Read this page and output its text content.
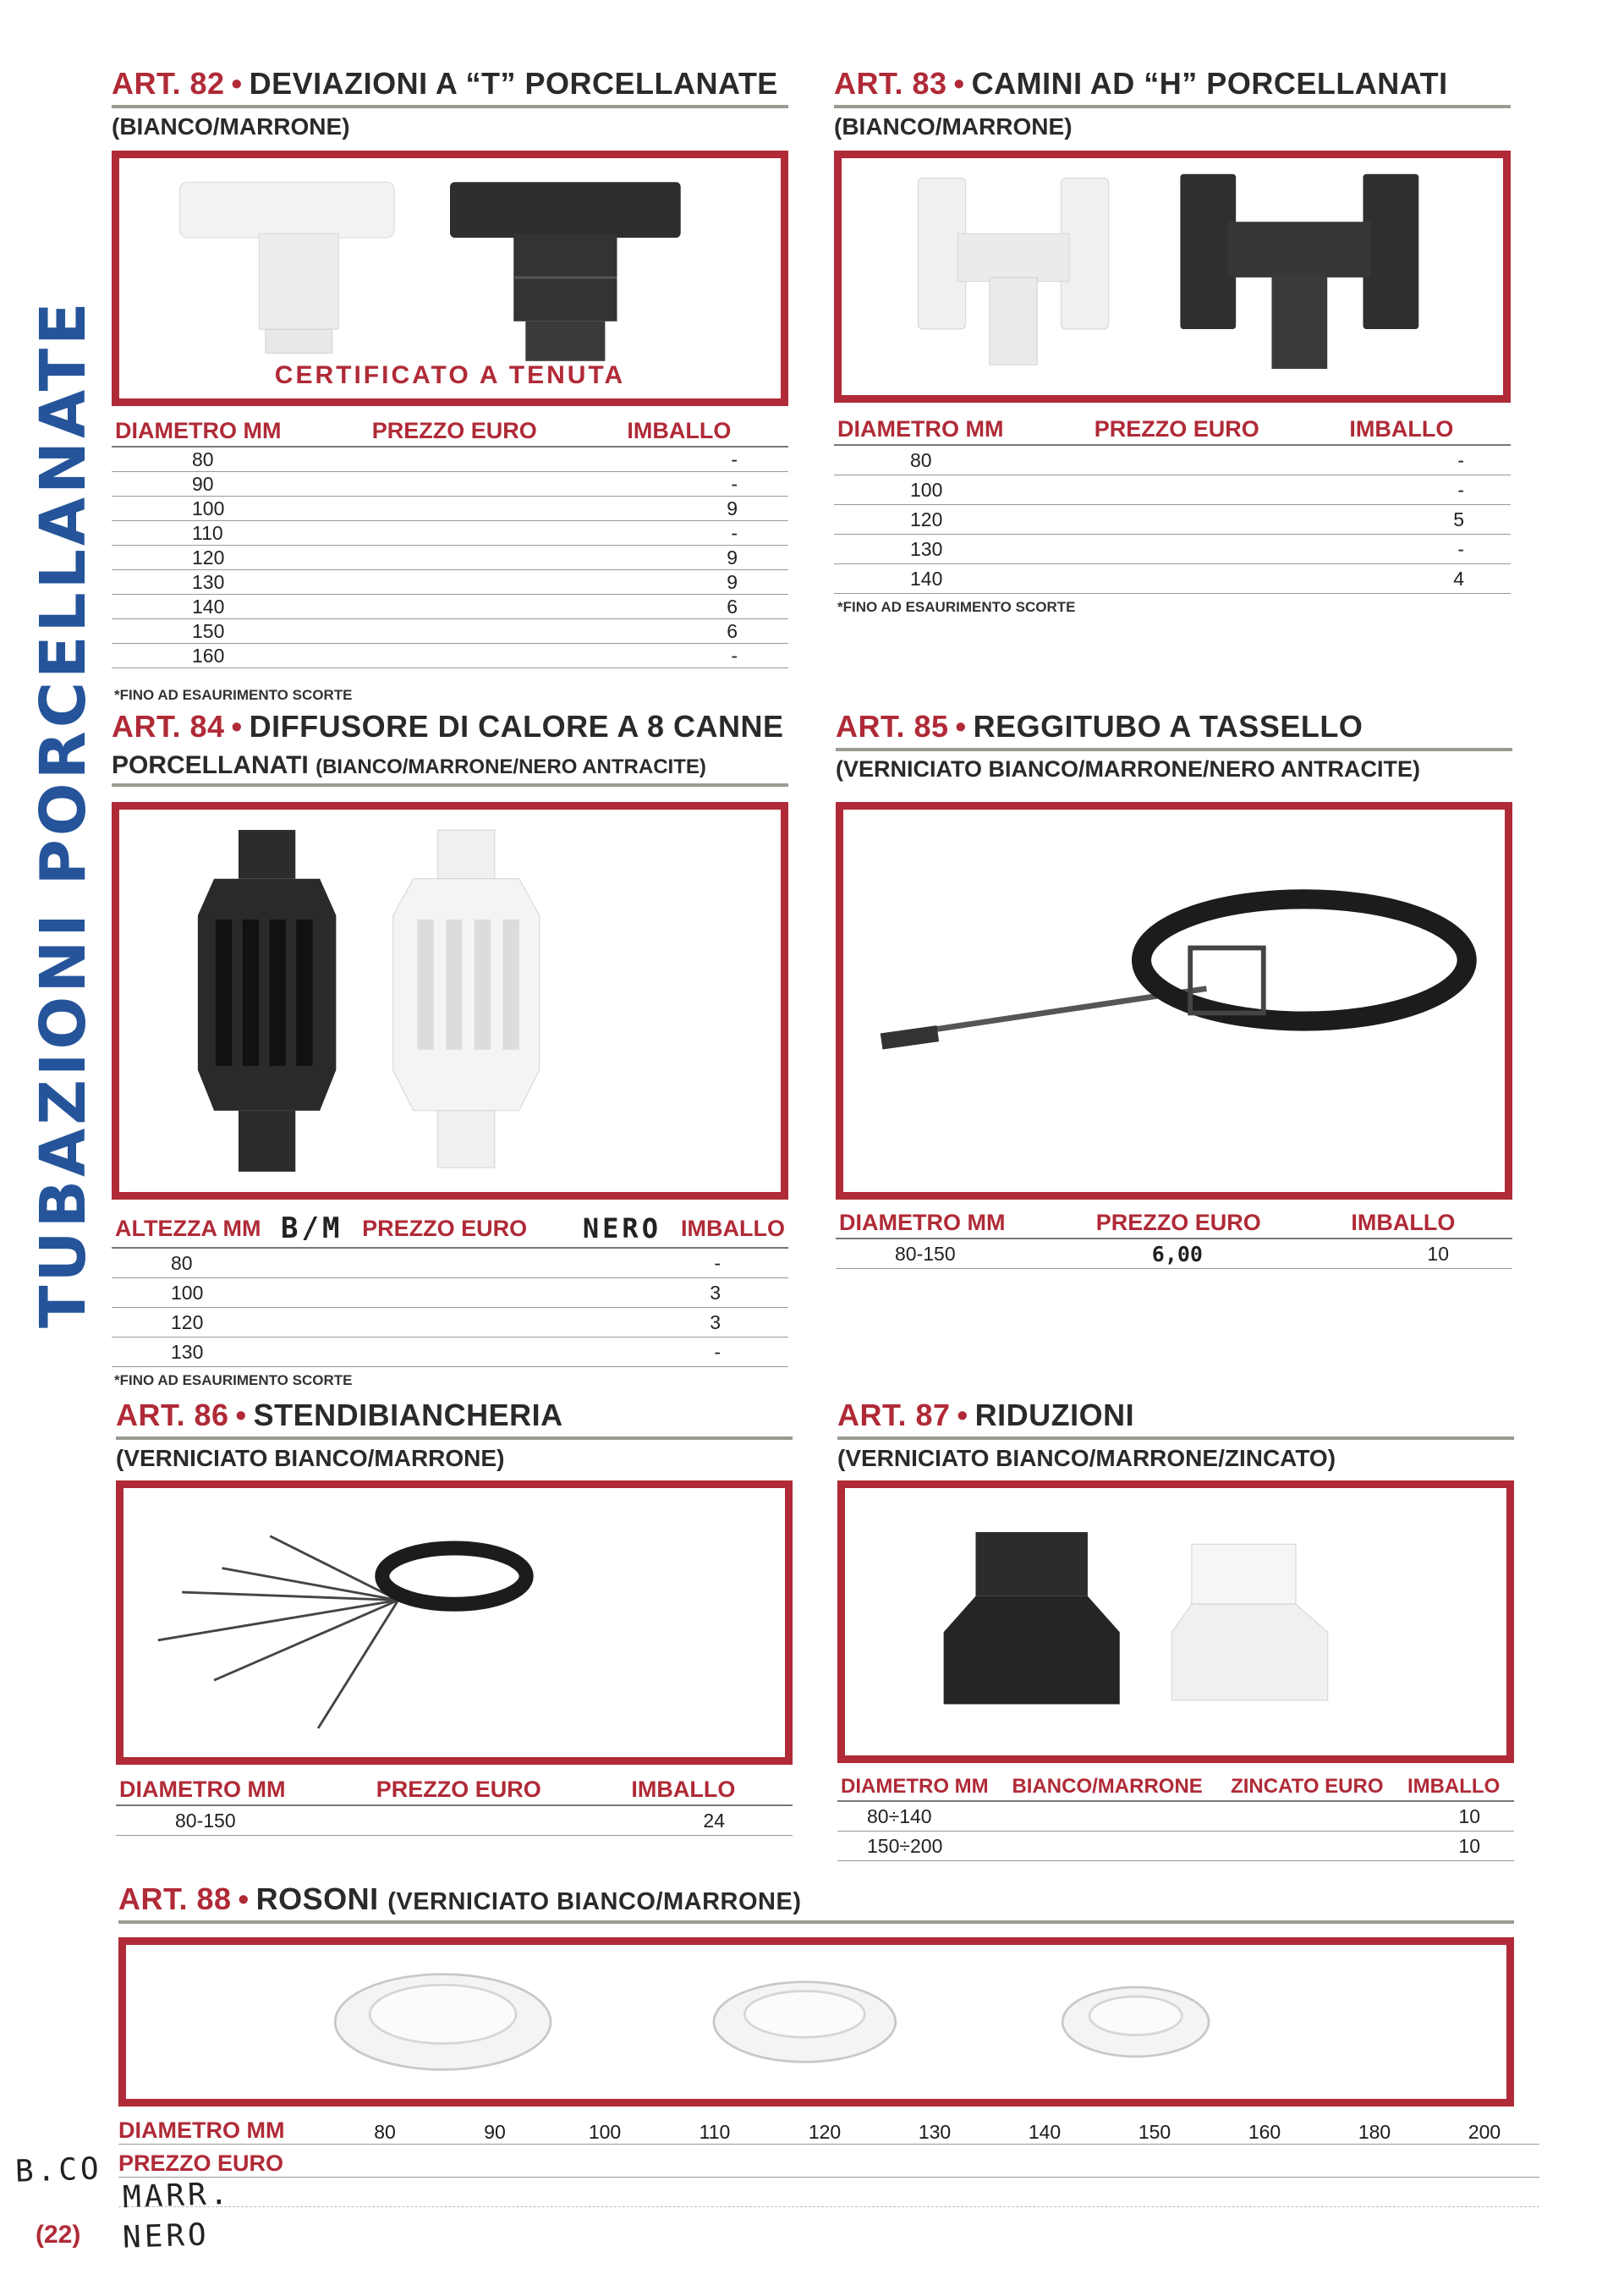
TUBAZIONI PORCELLANATE
ART. 82 • DEVIAZIONI A “T” PORCELLANATE
(BIANCO/MARRONE)
CERTIFICATO A TENUTA
DIAMETRO MM	PREZZO EURO	IMBALLO
80		-
90		-
100		9
110		-
120		9
130		9
140		6
150		6
160		-
*FINO AD ESAURIMENTO SCORTE
ART. 83 • CAMINI AD “H” PORCELLANATI
(BIANCO/MARRONE)
DIAMETRO MM	PREZZO EURO	IMBALLO
80		-
100		-
120		5
130		-
140		4
*FINO AD ESAURIMENTO SCORTE
ART. 84 • DIFFUSORE DI CALORE A 8 CANNE
PORCELLANATI (BIANCO/MARRONE/NERO ANTRACITE)
ALTEZZA MM	B/M	PREZZO EURO	NERO	IMBALLO
80				-
100				3
120				3
130				-
*FINO AD ESAURIMENTO SCORTE
ART. 85 • REGGITUBO A TASSELLO
(VERNICIATO BIANCO/MARRONE/NERO ANTRACITE)
DIAMETRO MM	PREZZO EURO	IMBALLO
80-150	6,00	10
ART. 86 • STENDIBIANCHERIA
(VERNICIATO BIANCO/MARRONE)
DIAMETRO MM	PREZZO EURO	IMBALLO
80-150		24
ART. 87 • RIDUZIONI
(VERNICIATO BIANCO/MARRONE/ZINCATO)
DIAMETRO MM	BIANCO/MARRONE	ZINCATO EURO	IMBALLO
80÷140			10
150÷200			10
ART. 88 • ROSONI (VERNICIATO BIANCO/MARRONE)
DIAMETRO MM	80	90	100	110	120	130	140	150	160	180	200
PREZZO EURO
B.CO
MARR.
NERO
(22)
